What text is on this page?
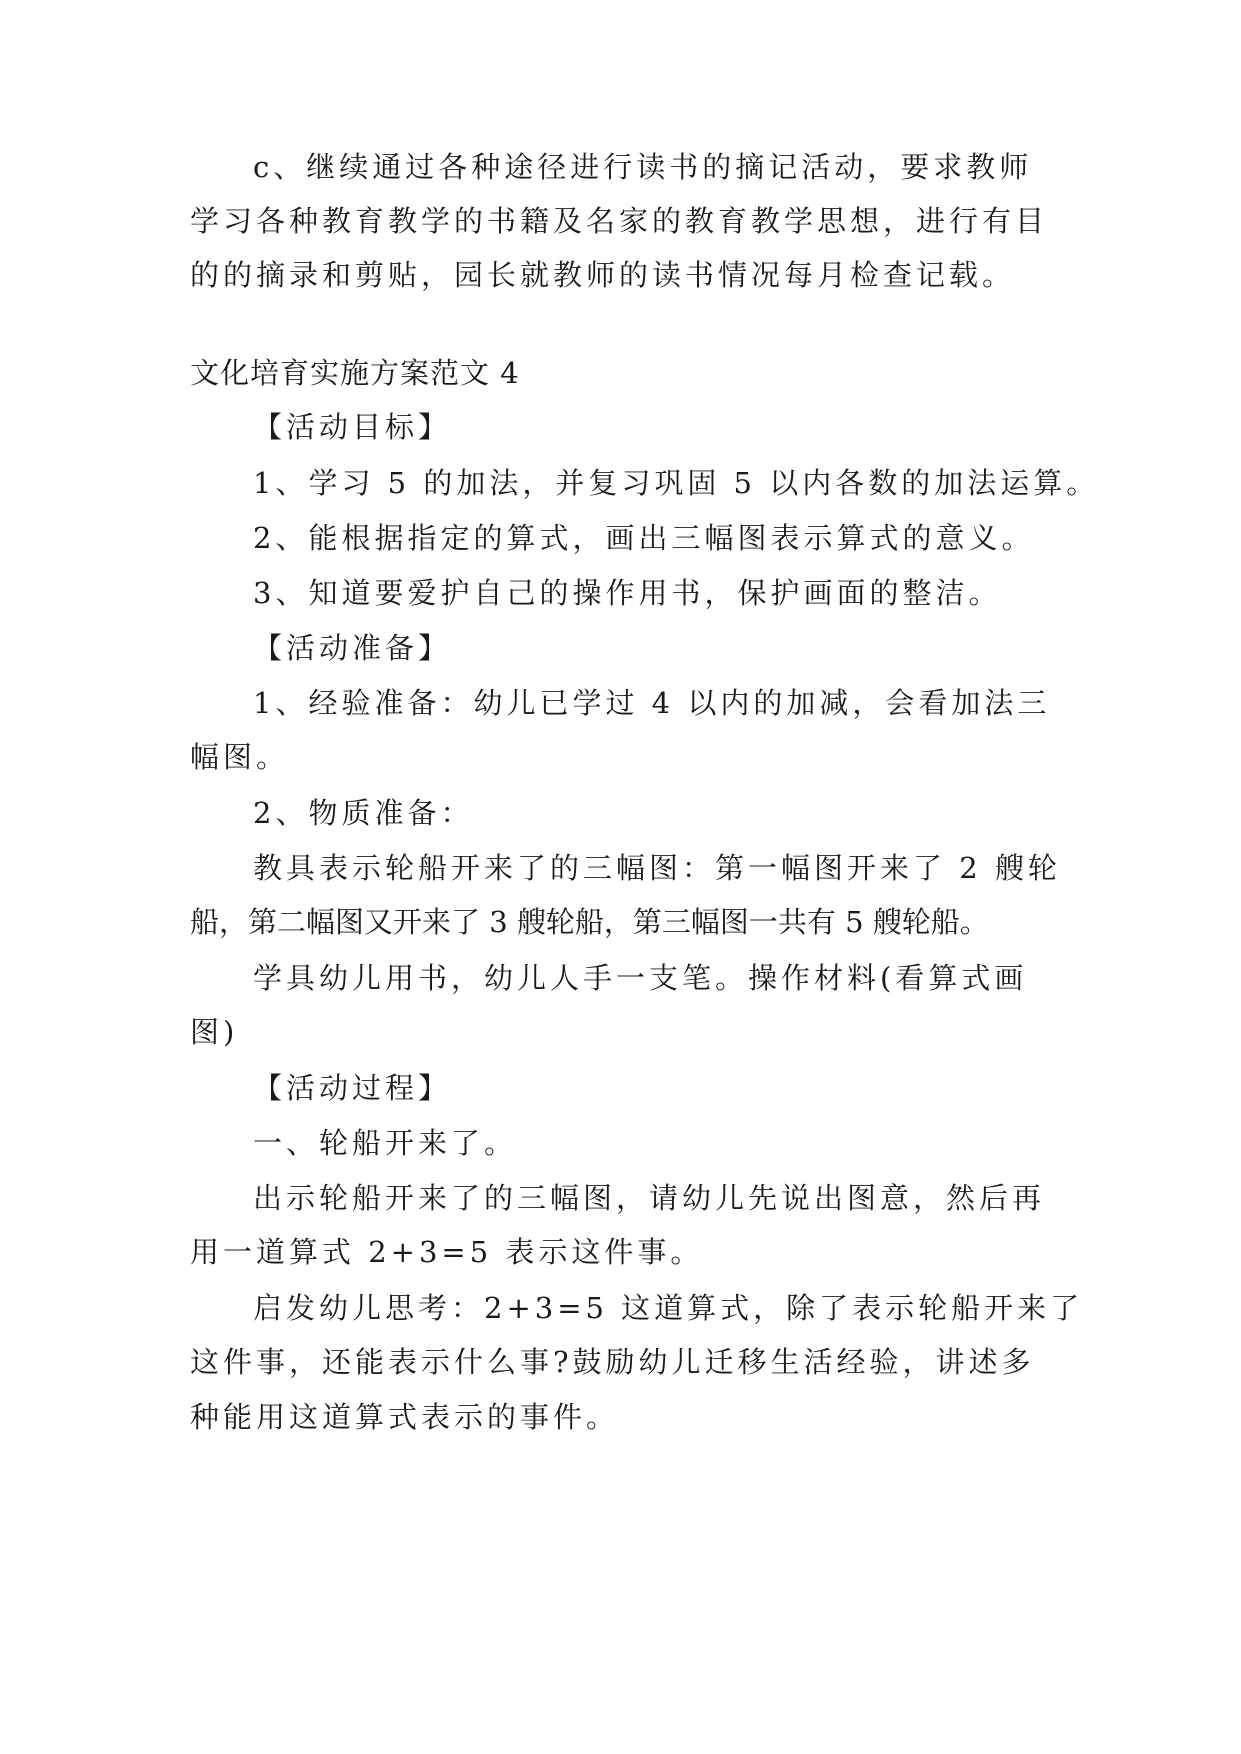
c、继续通过各种途径进行读书的摘记活动，要求教师
学习各种教育教学的书籍及名家的教育教学思想，进行有目
的的摘录和剪贴，园长就教师的读书情况每月检查记载。
文化培育实施方案范文 4
【活动目标】
1、学习 5 的加法，并复习巩固 5 以内各数的加法运算。
2、能根据指定的算式，画出三幅图表示算式的意义。
3、知道要爱护自己的操作用书，保护画面的整洁。
【活动准备】
1、经验准备：幼儿已学过 4 以内的加减，会看加法三
幅图。
2、物质准备：
教具表示轮船开来了的三幅图：第一幅图开来了 2 艘轮
船，第二幅图又开来了 3 艘轮船，第三幅图一共有 5 艘轮船。
学具幼儿用书，幼儿人手一支笔。操作材料(看算式画
图)
【活动过程】
一、轮船开来了。
出示轮船开来了的三幅图，请幼儿先说出图意，然后再
用一道算式 2+3=5 表示这件事。
启发幼儿思考：2+3=5 这道算式，除了表示轮船开来了
这件事，还能表示什么事?鼓励幼儿迁移生活经验，讲述多
种能用这道算式表示的事件。
